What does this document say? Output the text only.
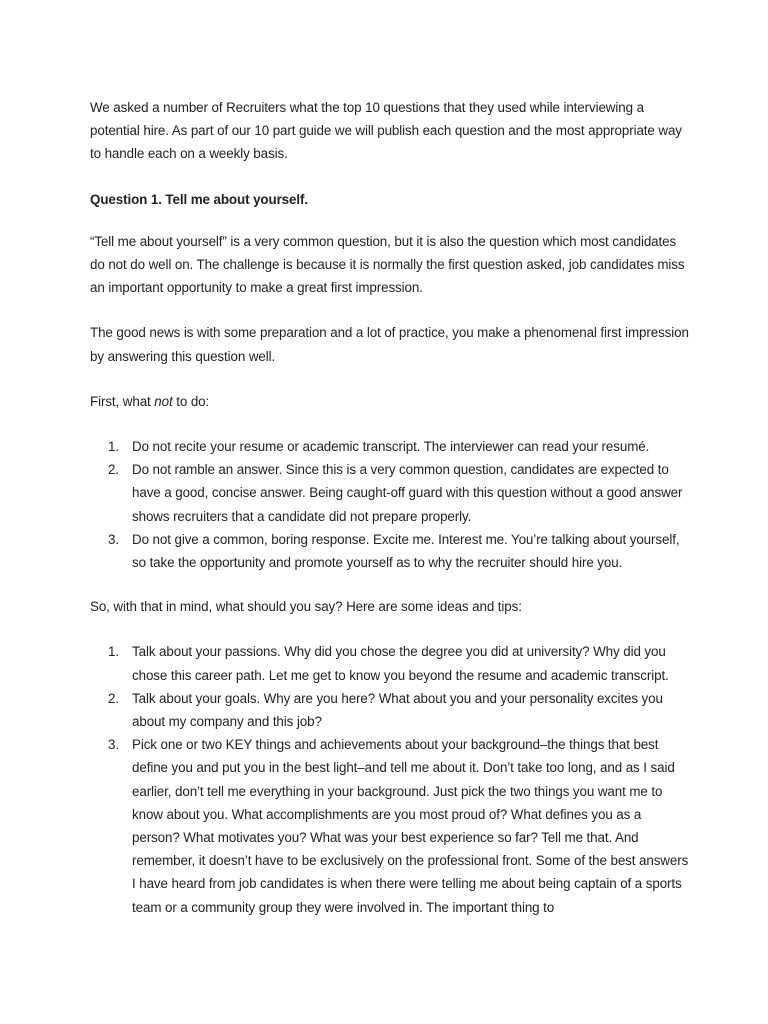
We asked a number of Recruiters what the top 10 questions that they used while interviewing a potential hire. As part of our 10 part guide we will publish each question and the most appropriate way to handle each on a weekly basis.

Question 1. Tell me about yourself.

“Tell me about yourself” is a very common question, but it is also the question which most candidates do not do well on. The challenge is because it is normally the first question asked, job candidates miss an important opportunity to make a great first impression.

The good news is with some preparation and a lot of practice, you make a phenomenal first impression by answering this question well.

First, what not to do:

1. Do not recite your resume or academic transcript. The interviewer can read your resumé.
2. Do not ramble an answer. Since this is a very common question, candidates are expected to have a good, concise answer. Being caught-off guard with this question without a good answer shows recruiters that a candidate did not prepare properly.
3. Do not give a common, boring response. Excite me. Interest me. You’re talking about yourself, so take the opportunity and promote yourself as to why the recruiter should hire you.

So, with that in mind, what should you say? Here are some ideas and tips:

1. Talk about your passions. Why did you chose the degree you did at university? Why did you chose this career path. Let me get to know you beyond the resume and academic transcript.
2. Talk about your goals. Why are you here? What about you and your personality excites you about my company and this job?
3. Pick one or two KEY things and achievements about your background–the things that best define you and put you in the best light–and tell me about it. Don’t take too long, and as I said earlier, don’t tell me everything in your background. Just pick the two things you want me to know about you. What accomplishments are you most proud of? What defines you as a person? What motivates you? What was your best experience so far? Tell me that. And remember, it doesn’t have to be exclusively on the professional front. Some of the best answers I have heard from job candidates is when there were telling me about being captain of a sports team or a community group they were involved in. The important thing to
